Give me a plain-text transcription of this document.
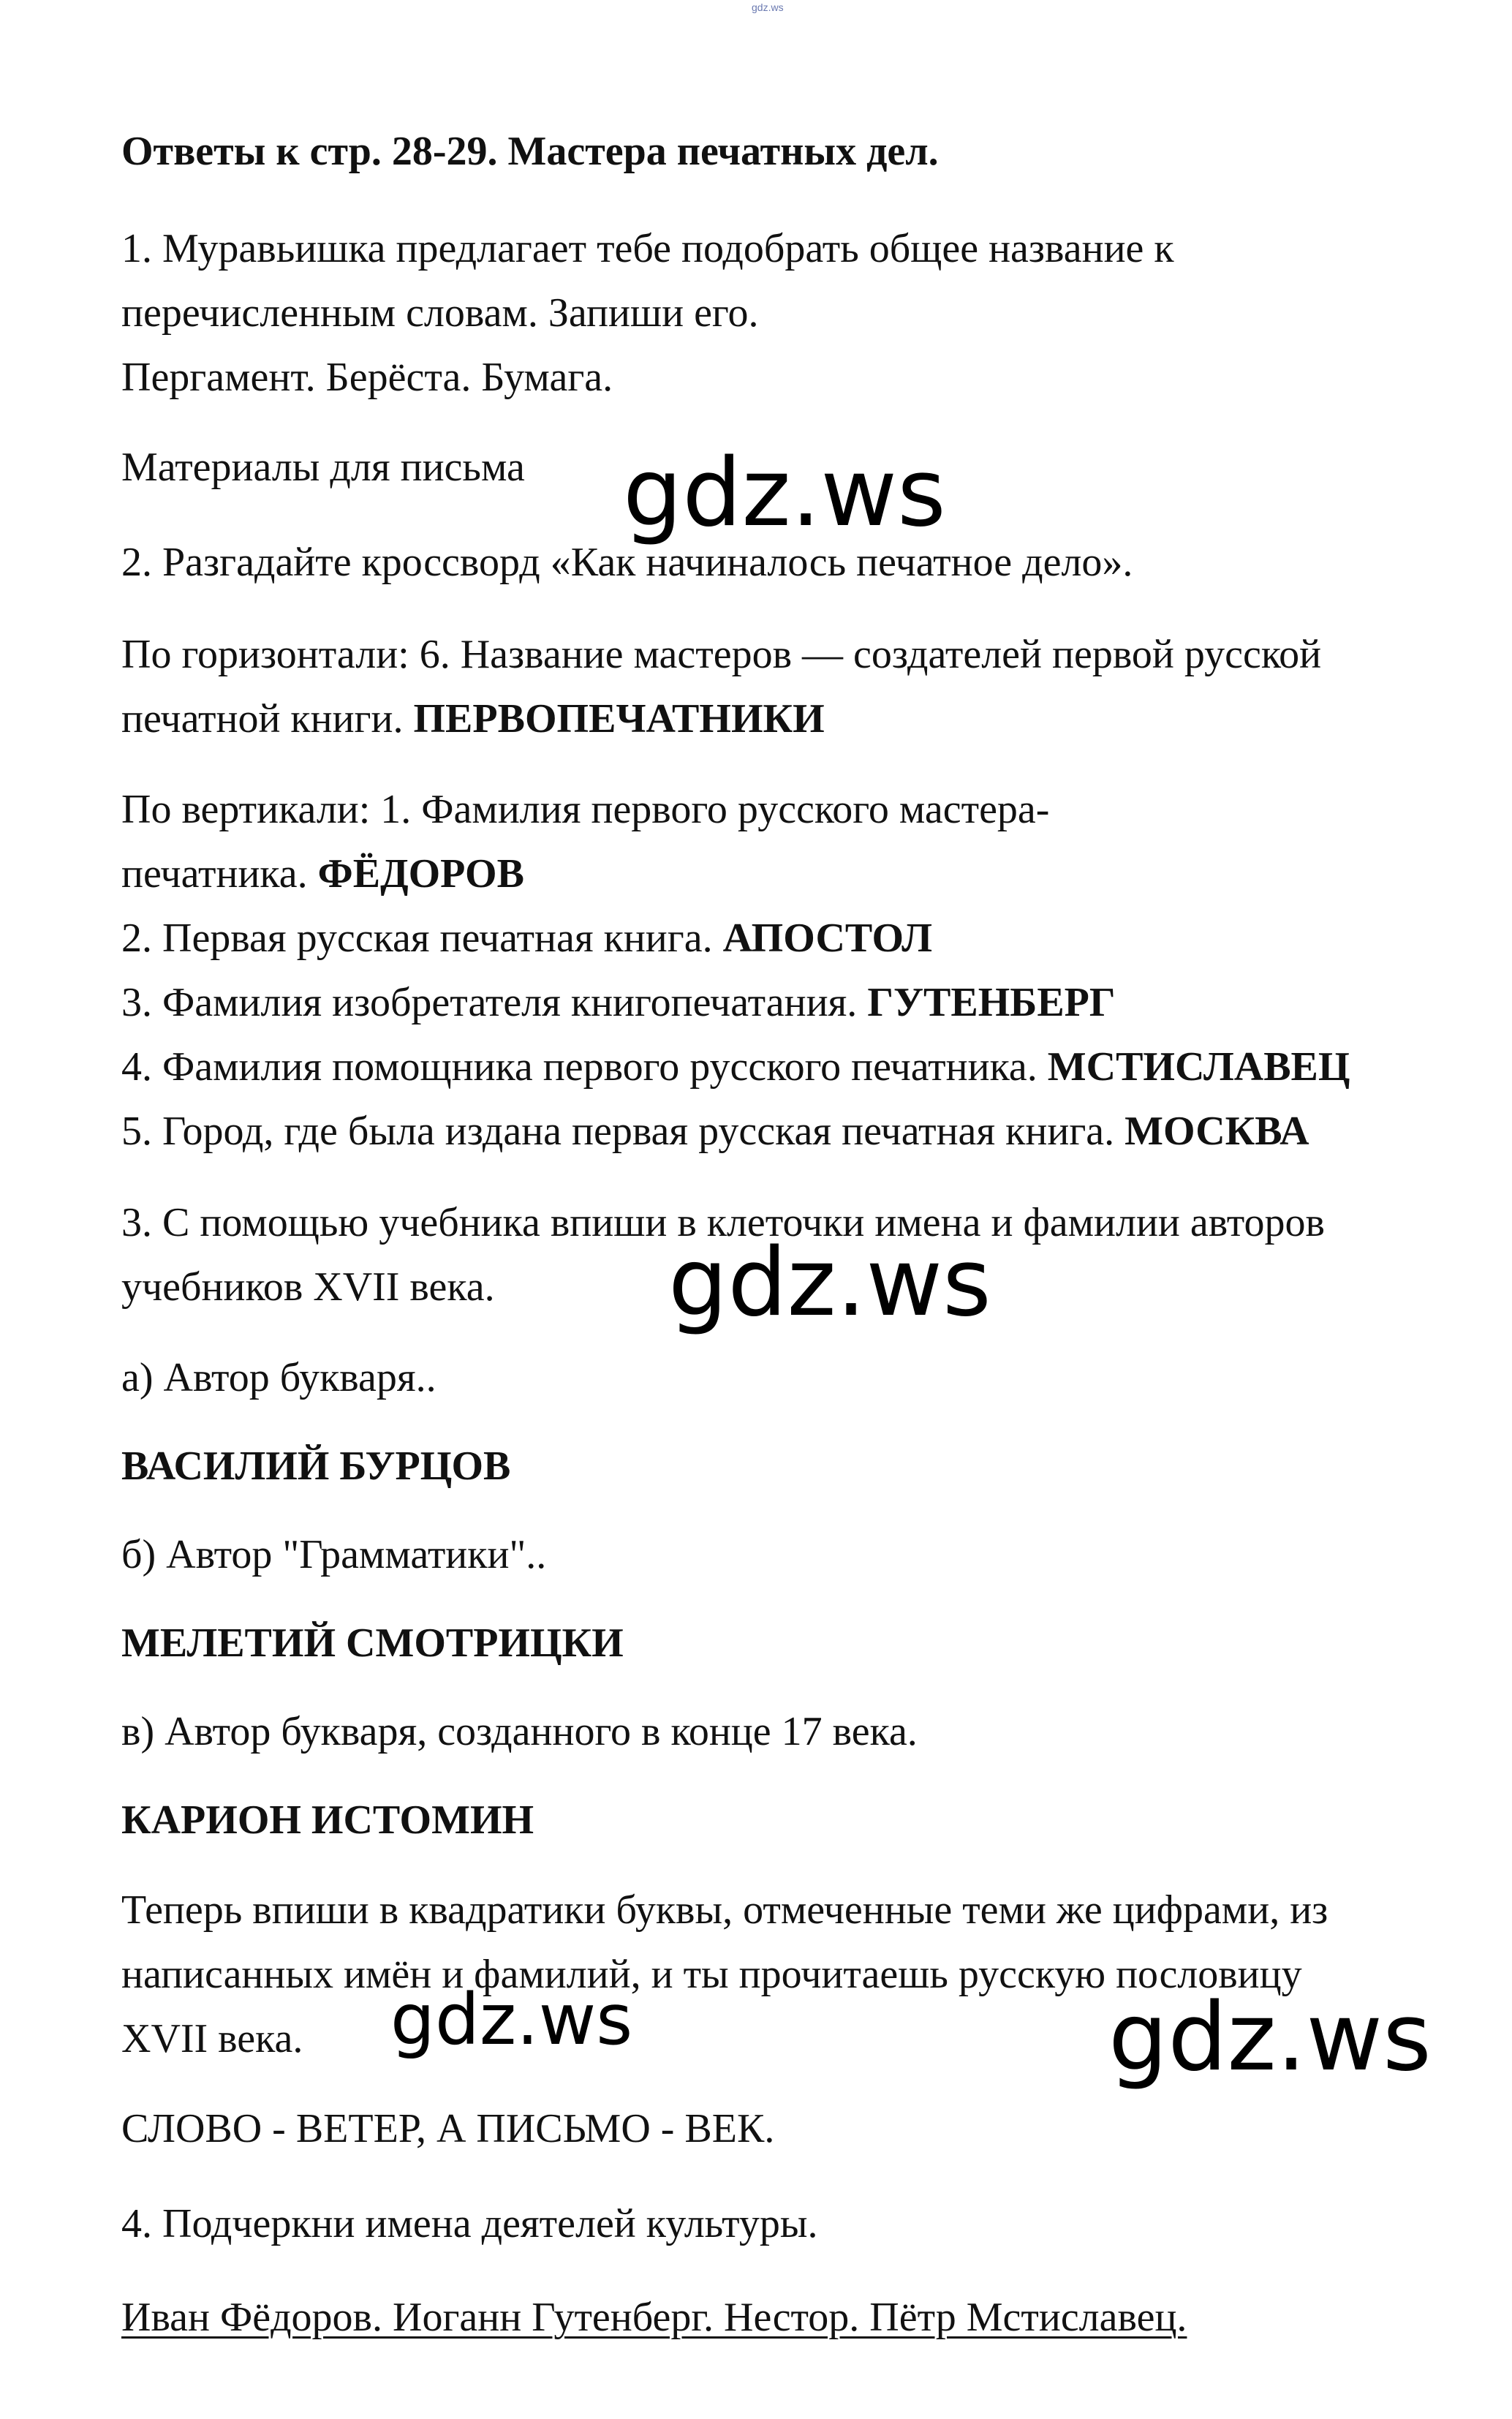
gdz.ws
Ответы к стр. 28-29. Мастера печатных дел.
1. Муравьишка предлагает тебе подобрать общее название к
перечисленным словам. Запиши его.
Пергамент. Берёста. Бумага.
Материалы для письма
2. Разгадайте кроссворд «Как начиналось печатное дело».
По горизонтали: 6. Название мастеров — создателей первой русской
печатной книги. ПЕРВОПЕЧАТНИКИ
По вертикали: 1. Фамилия первого русского мастера-
печатника. ФЁДОРОВ
2. Первая русская печатная книга. АПОСТОЛ
3. Фамилия изобретателя книгопечатания. ГУТЕНБЕРГ
4. Фамилия помощника первого русского печатника. МСТИСЛАВЕЦ
5. Город, где была издана первая русская печатная книга. МОСКВА
3. С помощью учебника впиши в клеточки имена и фамилии авторов
учебников XVII века.
а) Автор букваря..
ВАСИЛИЙ БУРЦОВ
б) Автор "Грамматики"..
МЕЛЕТИЙ СМОТРИЦКИ
в) Автор букваря, созданного в конце 17 века.
КАРИОН ИСТОМИН
Теперь впиши в квадратики буквы, отмеченные теми же цифрами, из
написанных имён и фамилий, и ты прочитаешь русскую пословицу
XVII века.
СЛОВО - ВЕТЕР, А ПИСЬМО - ВЕК.
4. Подчеркни имена деятелей культуры.
Иван Фёдоров. Иоганн Гутенберг. Нестор. Пётр Мстиславец.
gdz.ws
gdz.ws
gdz.ws	gdz.ws
